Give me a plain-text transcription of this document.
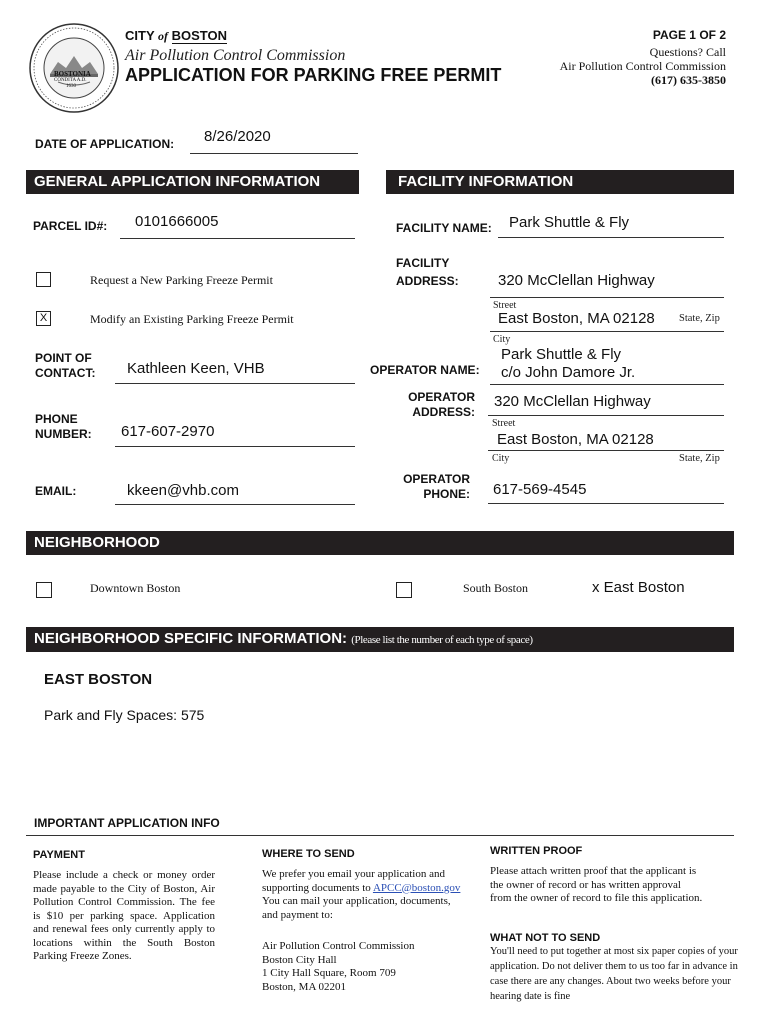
BOSTONIA
CONDITA A.D.
1630
CITY of BOSTON
Air Pollution Control Commission
APPLICATION FOR PARKING FREE PERMIT
PAGE 1 OF 2
Questions? Call
Air Pollution Control Commission
(617) 635-3850
DATE OF APPLICATION: 8/26/2020
GENERAL APPLICATION INFORMATION	FACILITY INFORMATION
PARCEL ID#: 0101666005
Request a New Parking Freeze Permit
X	Modify an Existing Parking Freeze Permit
POINT OF
CONTACT: Kathleen Keen, VHB
PHONE
NUMBER: 617-607-2970
EMAIL:	kkeen@vhb.com
FACILITY NAME: Park Shuttle & Fly
FACILITY
ADDRESS:	320 McClellan Highway
Street
East Boston, MA 02128 State, Zip
City
OPERATOR NAME:
Park Shuttle & Fly
c/o John Damore Jr.
OPERATOR
ADDRESS:
320 McClellan Highway
Street
East Boston, MA 02128
City	State, Zip
OPERATOR
PHONE: 617-569-4545
NEIGHBORHOOD
Downtown Boston	South Boston	x East Boston
NEIGHBORHOOD SPECIFIC INFORMATION: (Please list the number of each type of space)
EAST BOSTON
Park and Fly Spaces: 575
IMPORTANT APPLICATION INFO
PAYMENT
Please include a check or money order made payable to the City of Boston, Air Pollution Control Commission. The fee is $10 per parking space. Application and renewal fees only currently apply to locations within the South Boston Parking Freeze Zones.
WHERE TO SEND
We prefer you email your application and supporting documents to APCC@boston.gov You can mail your application, documents, and payment to:
Air Pollution Control Commission
Boston City Hall
1 City Hall Square, Room 709
Boston, MA 02201
WRITTEN PROOF
Please attach written proof that the applicant is the owner of record or has written approval from the owner of record to file this application.
WHAT NOT TO SEND
You'll need to put together at most six paper copies of your application. Do not deliver them to us too far in advance in case there are any changes. About two weeks before your hearing date is fine
